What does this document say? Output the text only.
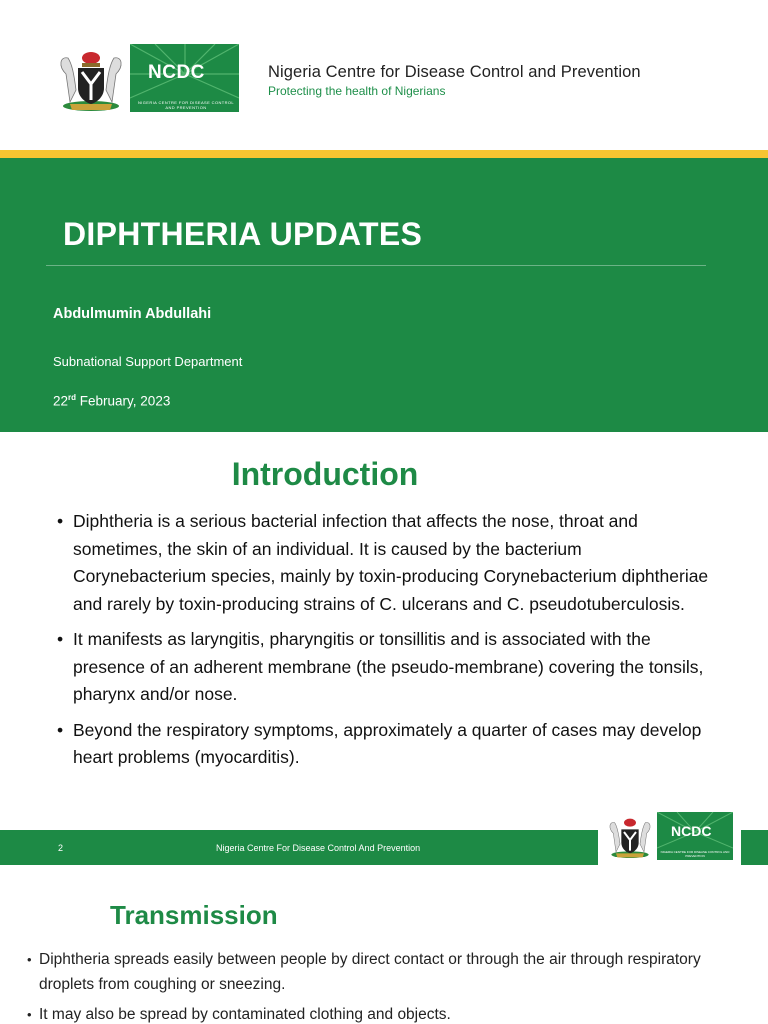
NCDC
NIGERIA CENTRE FOR DISEASE CONTROL AND PREVENTION
Nigeria Centre for Disease Control and Prevention
Protecting the health of Nigerians
DIPHTHERIA UPDATES
Abdulmumin Abdullahi
Subnational Support Department
22rd February, 2023
Introduction
• Diphtheria is a serious bacterial infection that affects the nose, throat and sometimes, the skin of an individual. It is caused by the bacterium Corynebacterium species, mainly by toxin-producing Corynebacterium diphtheriae and rarely by toxin-producing strains of C. ulcerans and C. pseudotuberculosis.
• It manifests as laryngitis, pharyngitis or tonsillitis and is associated with the presence of an adherent membrane (the pseudo-membrane) covering the tonsils, pharynx and/or nose.
• Beyond the respiratory symptoms, approximately a quarter of cases may develop heart problems (myocarditis).
2	Nigeria Centre For Disease Control And Prevention
NCDC
NIGERIA CENTRE FOR DISEASE CONTROL AND PREVENTION
Transmission
• Diphtheria spreads easily between people by direct contact or through the air through respiratory droplets from coughing or sneezing.
• It may also be spread by contaminated clothing and objects.
